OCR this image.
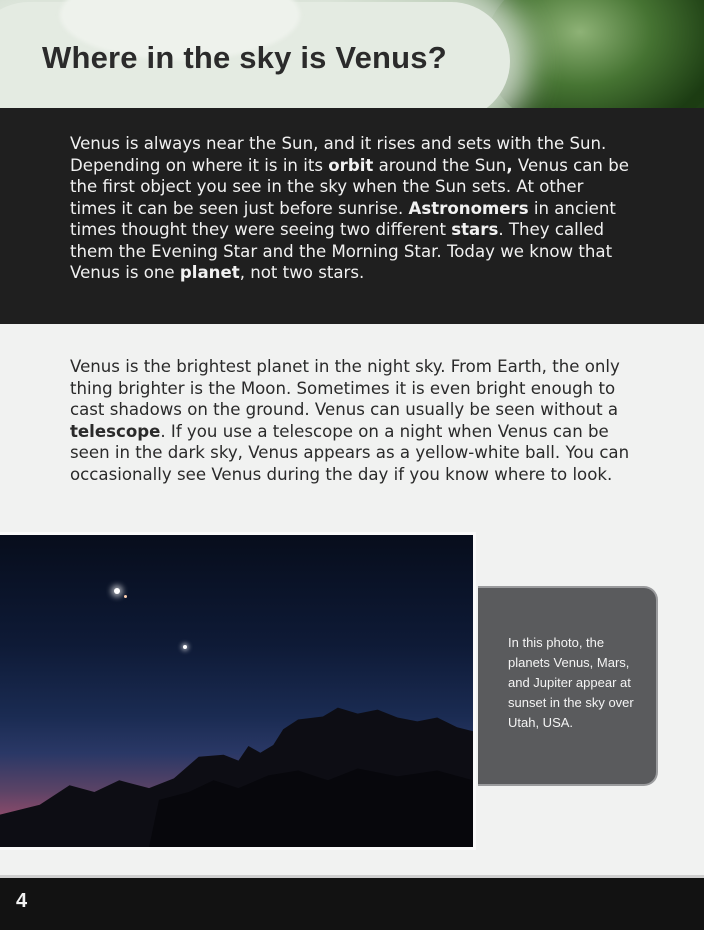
Where in the sky is Venus?

Venus is always near the Sun, and it rises and sets with the Sun. Depending on where it is in its orbit around the Sun, Venus can be the first object you see in the sky when the Sun sets. At other times it can be seen just before sunrise. Astronomers in ancient times thought they were seeing two different stars. They called them the Evening Star and the Morning Star. Today we know that Venus is one planet, not two stars.

Venus is the brightest planet in the night sky. From Earth, the only thing brighter is the Moon. Sometimes it is even bright enough to cast shadows on the ground. Venus can usually be seen without a telescope. If you use a telescope on a night when Venus can be seen in the dark sky, Venus appears as a yellow-white ball. You can occasionally see Venus during the day if you know where to look.

In this photo, the planets Venus, Mars, and Jupiter appear at sunset in the sky over Utah, USA.

4
